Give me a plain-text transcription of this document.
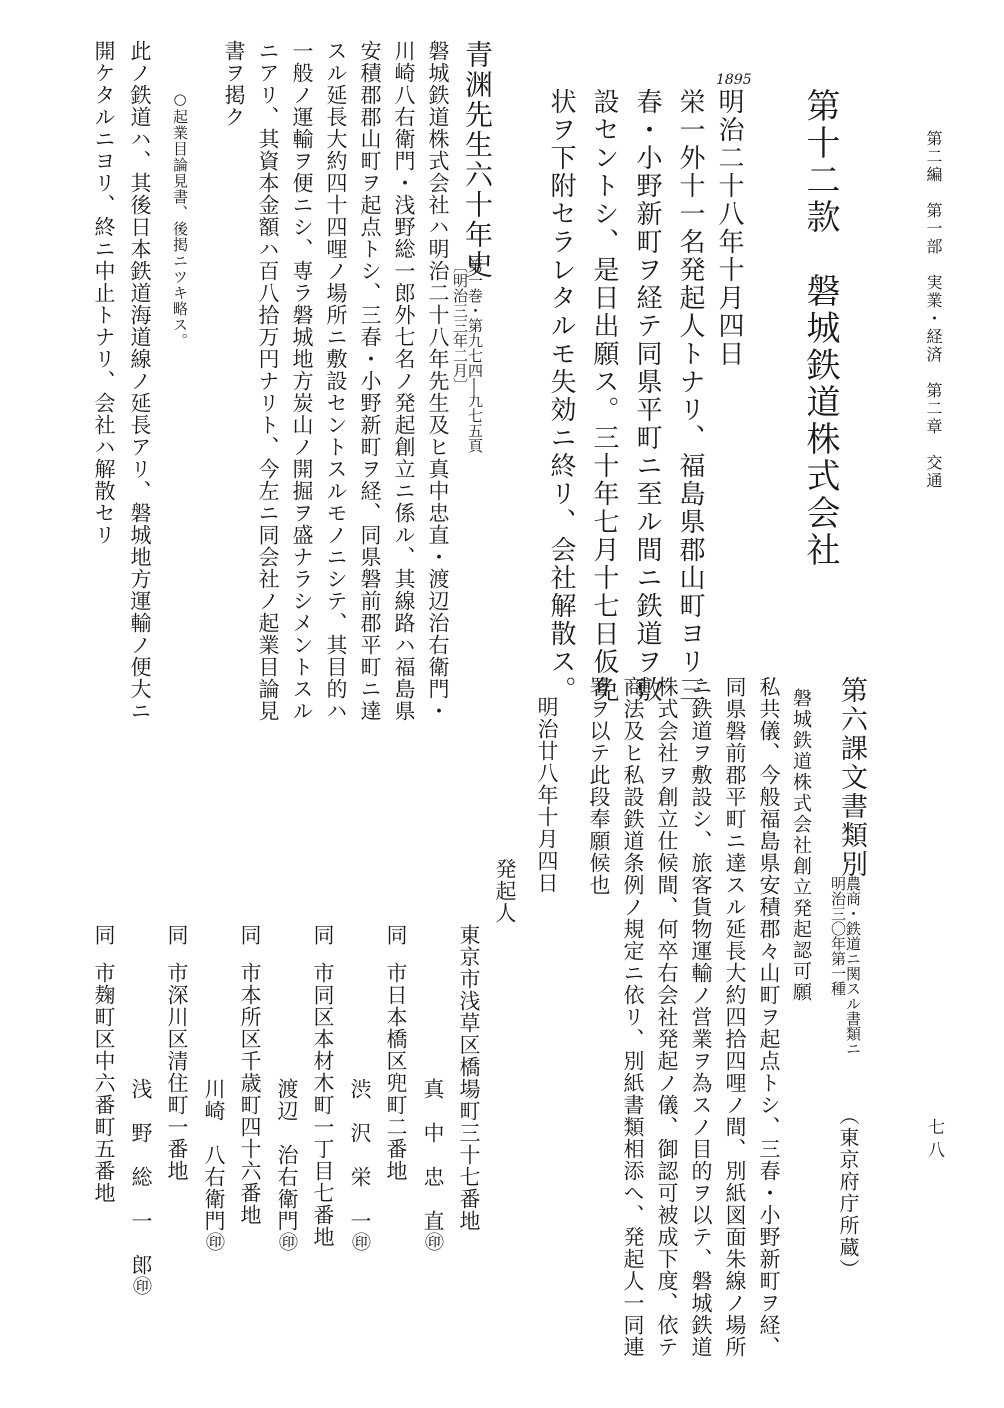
第二編　第一部　実業・経済　第二章　交通
七八
第十二款　磐城鉄道株式会社
1895
明治二十八年十月四日
栄一外十一名発起人トナリ、福島県郡山町ヨリ三
春・小野新町ヲ経テ同県平町ニ至ル間ニ鉄道ヲ敷
設セントシ、是日出願ス。三十年七月十七日仮免
状ヲ下附セラレタルモ失効ニ終リ、会社解散ス。
青渊先生六十年史
第一巻・第九七四―九七五頁
〔明治三三年二月〕
磐城鉄道株式会社ハ明治二十八年先生及ヒ真中忠直・渡辺治右衛門・
川崎八右衛門・浅野総一郎外七名ノ発起創立ニ係ル、其線路ハ福島県
安積郡郡山町ヲ起点トシ、三春・小野新町ヲ経、同県磐前郡平町ニ達
スル延長大約四十四哩ノ場所ニ敷設セントスルモノニシテ、其目的ハ
一般ノ運輸ヲ便ニシ、専ラ磐城地方炭山ノ開掘ヲ盛ナラシメントスル
ニアリ、其資本金額ハ百八拾万円ナリト、今左ニ同会社ノ起業目論見
書ヲ掲ク
○起業目論見書、後掲ニツキ略ス。
此ノ鉄道ハ、其後日本鉄道海道線ノ延長アリ、磐城地方運輸ノ便大ニ
開ケタルニヨリ、終ニ中止トナリ、会社ハ解散セリ
第六課文書類別
農商・鉄道ニ関スル書類ニ
明治三〇年第一種
（東京府庁所蔵）
磐城鉄道株式会社創立発起認可願
私共儀、今般福島県安積郡々山町ヲ起点トシ、三春・小野新町ヲ経、
同県磐前郡平町ニ達スル延長大約四拾四哩ノ間、別紙図面朱線ノ場所
ニ鉄道ヲ敷設シ、旅客貨物運輸ノ営業ヲ為スノ目的ヲ以テ、磐城鉄道
株式会社ヲ創立仕候間、何卒右会社発起ノ儀、御認可被成下度、依テ
商法及ヒ私設鉄道条例ノ規定ニ依リ、別紙書類相添へ、発起人一同連
署ヲ以テ此段奉願候也
明治廿八年十月四日
発起人
東京市浅草区橋場町三十七番地
真　中　忠　直㊞
同
市日本橋区兜町二番地
渋　沢　栄　一㊞
同
市同区本材木町一丁目七番地
渡辺　治右衛門㊞
同
市本所区千歳町四十六番地
川崎　八右衛門㊞
同
市深川区清住町一番地
浅　野　総　一　郎㊞
同
市麹町区中六番町五番地
